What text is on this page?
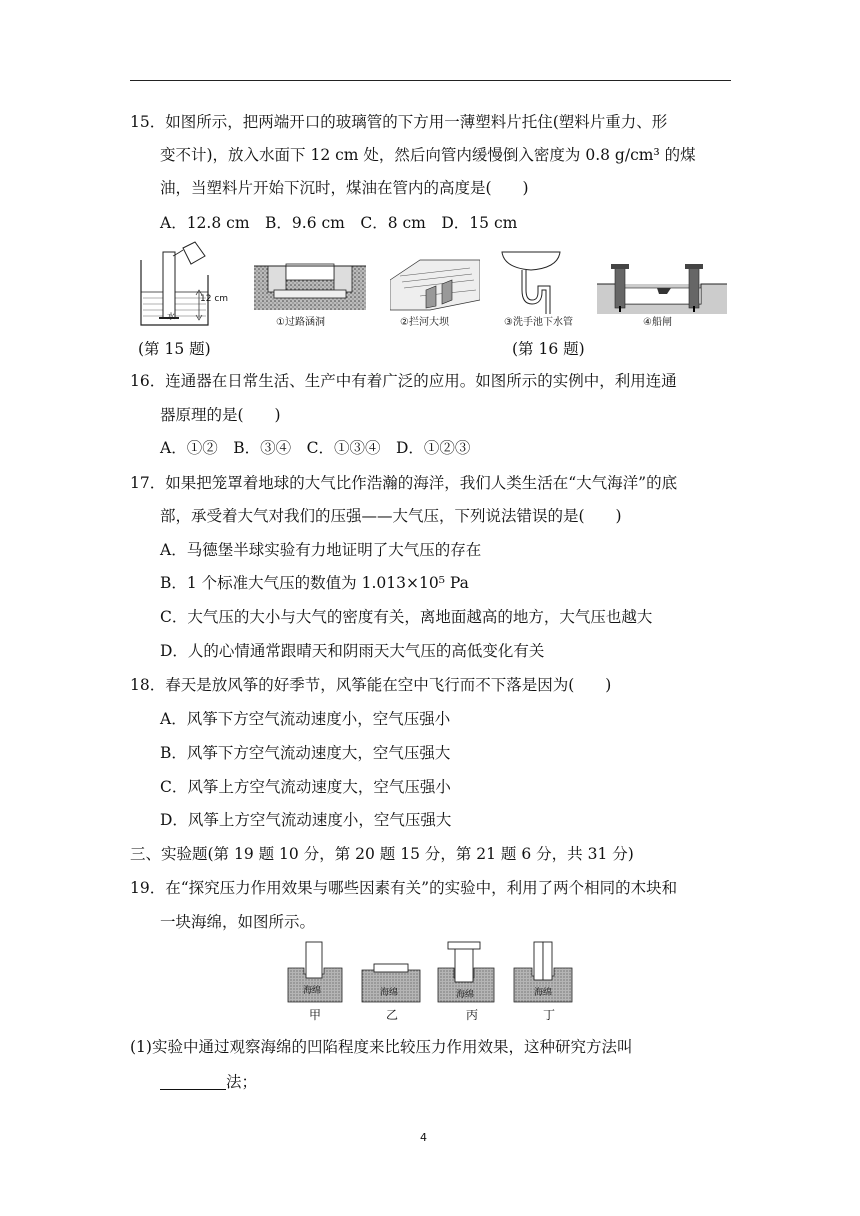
15．如图所示，把两端开口的玻璃管的下方用一薄塑料片托住(塑料片重力、形
变不计)，放入水面下 12 cm 处，然后向管内缓慢倒入密度为 0.8 g/cm³ 的煤
油，当塑料片开始下沉时，煤油在管内的高度是(　　)
A．12.8 cm　B．9.6 cm　C．8 cm　D．15 cm
12 cm
水
①过路涵洞	②拦河大坝	③洗手池下水管	④船闸
(第 15 题)	(第 16 题)
16．连通器在日常生活、生产中有着广泛的应用。如图所示的实例中，利用连通
器原理的是(　　)
A．①②　B．③④　C．①③④　D．①②③
17．如果把笼罩着地球的大气比作浩瀚的海洋，我们人类生活在“大气海洋”的底
部，承受着大气对我们的压强——大气压，下列说法错误的是(　　)
A．马德堡半球实验有力地证明了大气压的存在
B．1 个标准大气压的数值为 1.013×10⁵ Pa
C．大气压的大小与大气的密度有关，离地面越高的地方，大气压也越大
D．人的心情通常跟晴天和阴雨天大气压的高低变化有关
18．春天是放风筝的好季节，风筝能在空中飞行而不下落是因为(　　)
A．风筝下方空气流动速度小，空气压强小
B．风筝下方空气流动速度大，空气压强大
C．风筝上方空气流动速度大，空气压强小
D．风筝上方空气流动速度小，空气压强大
三、实验题(第 19 题 10 分，第 20 题 15 分，第 21 题 6 分，共 31 分)
19．在“探究压力作用效果与哪些因素有关”的实验中，利用了两个相同的木块和
一块海绵，如图所示。
海绵	海绵	海绵	海绵
甲	乙	丙	丁
(1)实验中通过观察海绵的凹陷程度来比较压力作用效果，这种研究方法叫
法；
4
